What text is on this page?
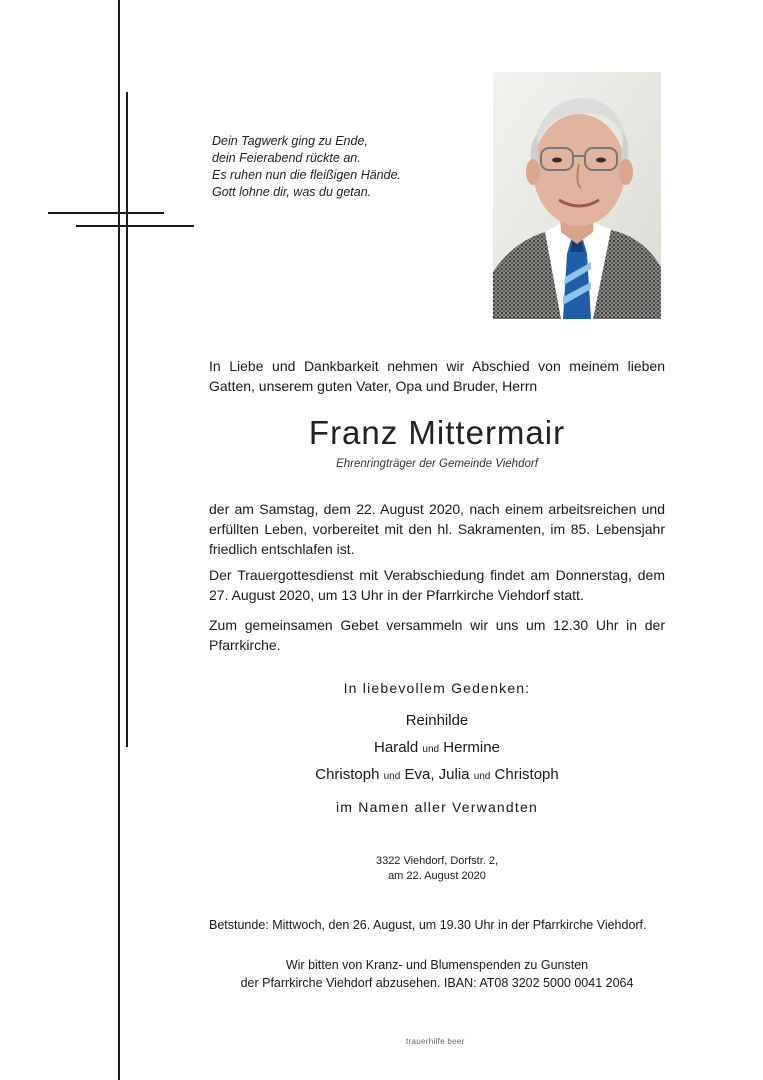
Dein Tagwerk ging zu Ende,
dein Feierabend rückte an.
Es ruhen nun die fleißigen Hände.
Gott lohne dir, was du getan.
In Liebe und Dankbarkeit nehmen wir Abschied von meinem lieben Gatten, unserem guten Vater, Opa und Bruder, Herrn
Franz Mittermair
Ehrenringträger der Gemeinde Viehdorf
der am Samstag, dem 22. August 2020, nach einem arbeitsreichen und erfüllten Leben, vorbereitet mit den hl. Sakramenten, im 85. Lebensjahr friedlich entschlafen ist.
Der Trauergottesdienst mit Verabschiedung findet am Donnerstag, dem 27. August 2020, um 13 Uhr in der Pfarrkirche Viehdorf statt.
Zum gemeinsamen Gebet versammeln wir uns um 12.30 Uhr in der Pfarrkirche.
In liebevollem Gedenken:
Reinhilde
Harald und Hermine
Christoph und Eva, Julia und Christoph
im Namen aller Verwandten
3322 Viehdorf, Dorfstr. 2,
am 22. August 2020
Betstunde: Mittwoch, den 26. August, um 19.30 Uhr in der Pfarrkirche Viehdorf.
Wir bitten von Kranz- und Blumenspenden zu Gunsten
der Pfarrkirche Viehdorf abzusehen. IBAN: AT08 3202 5000 0041 2064
trauerhilfe beer
